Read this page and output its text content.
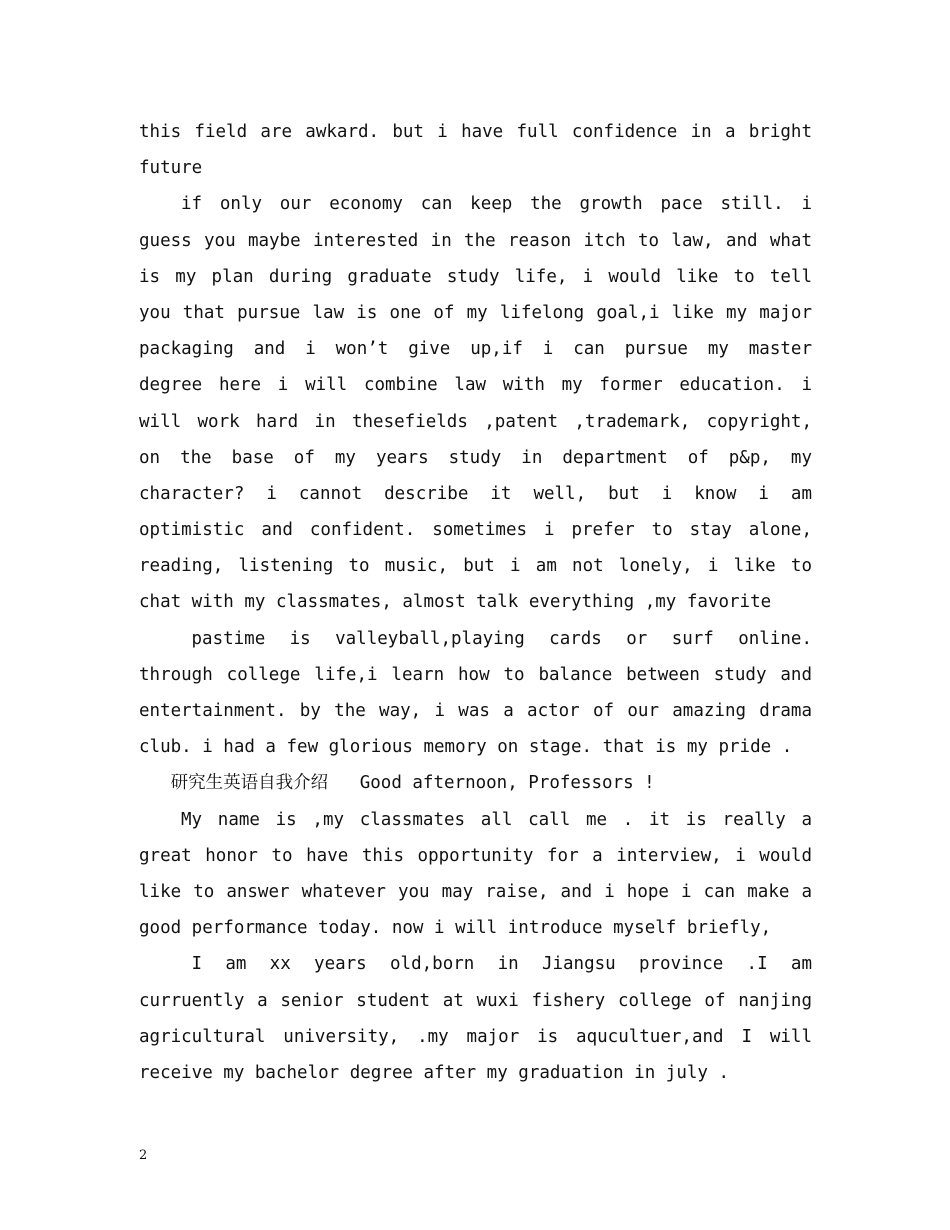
this field are awkard. but i have full confidence in a bright
future
if only our economy can keep the growth pace still. i
guess you maybe interested in the reason itch to law, and what
is my plan during graduate study life, i would like to tell
you that pursue law is one of my lifelong goal,i like my major
packaging and i won’t give up,if i can pursue my master
degree here i will combine law with my former education. i
will work hard in thesefields ,patent ,trademark, copyright,
on the base of my years study in department of p&p, my
character? i cannot describe it well, but i know i am
optimistic and confident. sometimes i prefer to stay alone,
reading, listening to music, but i am not lonely, i like to
chat with my classmates, almost talk everything ,my favorite
pastime is valleyball,playing cards or surf online.
through college life,i learn how to balance between study and
entertainment. by the way, i was a actor of our amazing drama
club. i had a few glorious memory on stage. that is my pride .
研究生英语自我介绍   Good afternoon, Professors !
My name is ,my classmates all call me . it is really a
great honor to have this opportunity for a interview, i would
like to answer whatever you may raise, and i hope i can make a
good performance today. now i will introduce myself briefly,
I am xx years old,born in Jiangsu province .I am
curruently a senior student at wuxi fishery college of nanjing
agricultural university, .my major is aqucultuer,and I will
receive my bachelor degree after my graduation in july .
2
